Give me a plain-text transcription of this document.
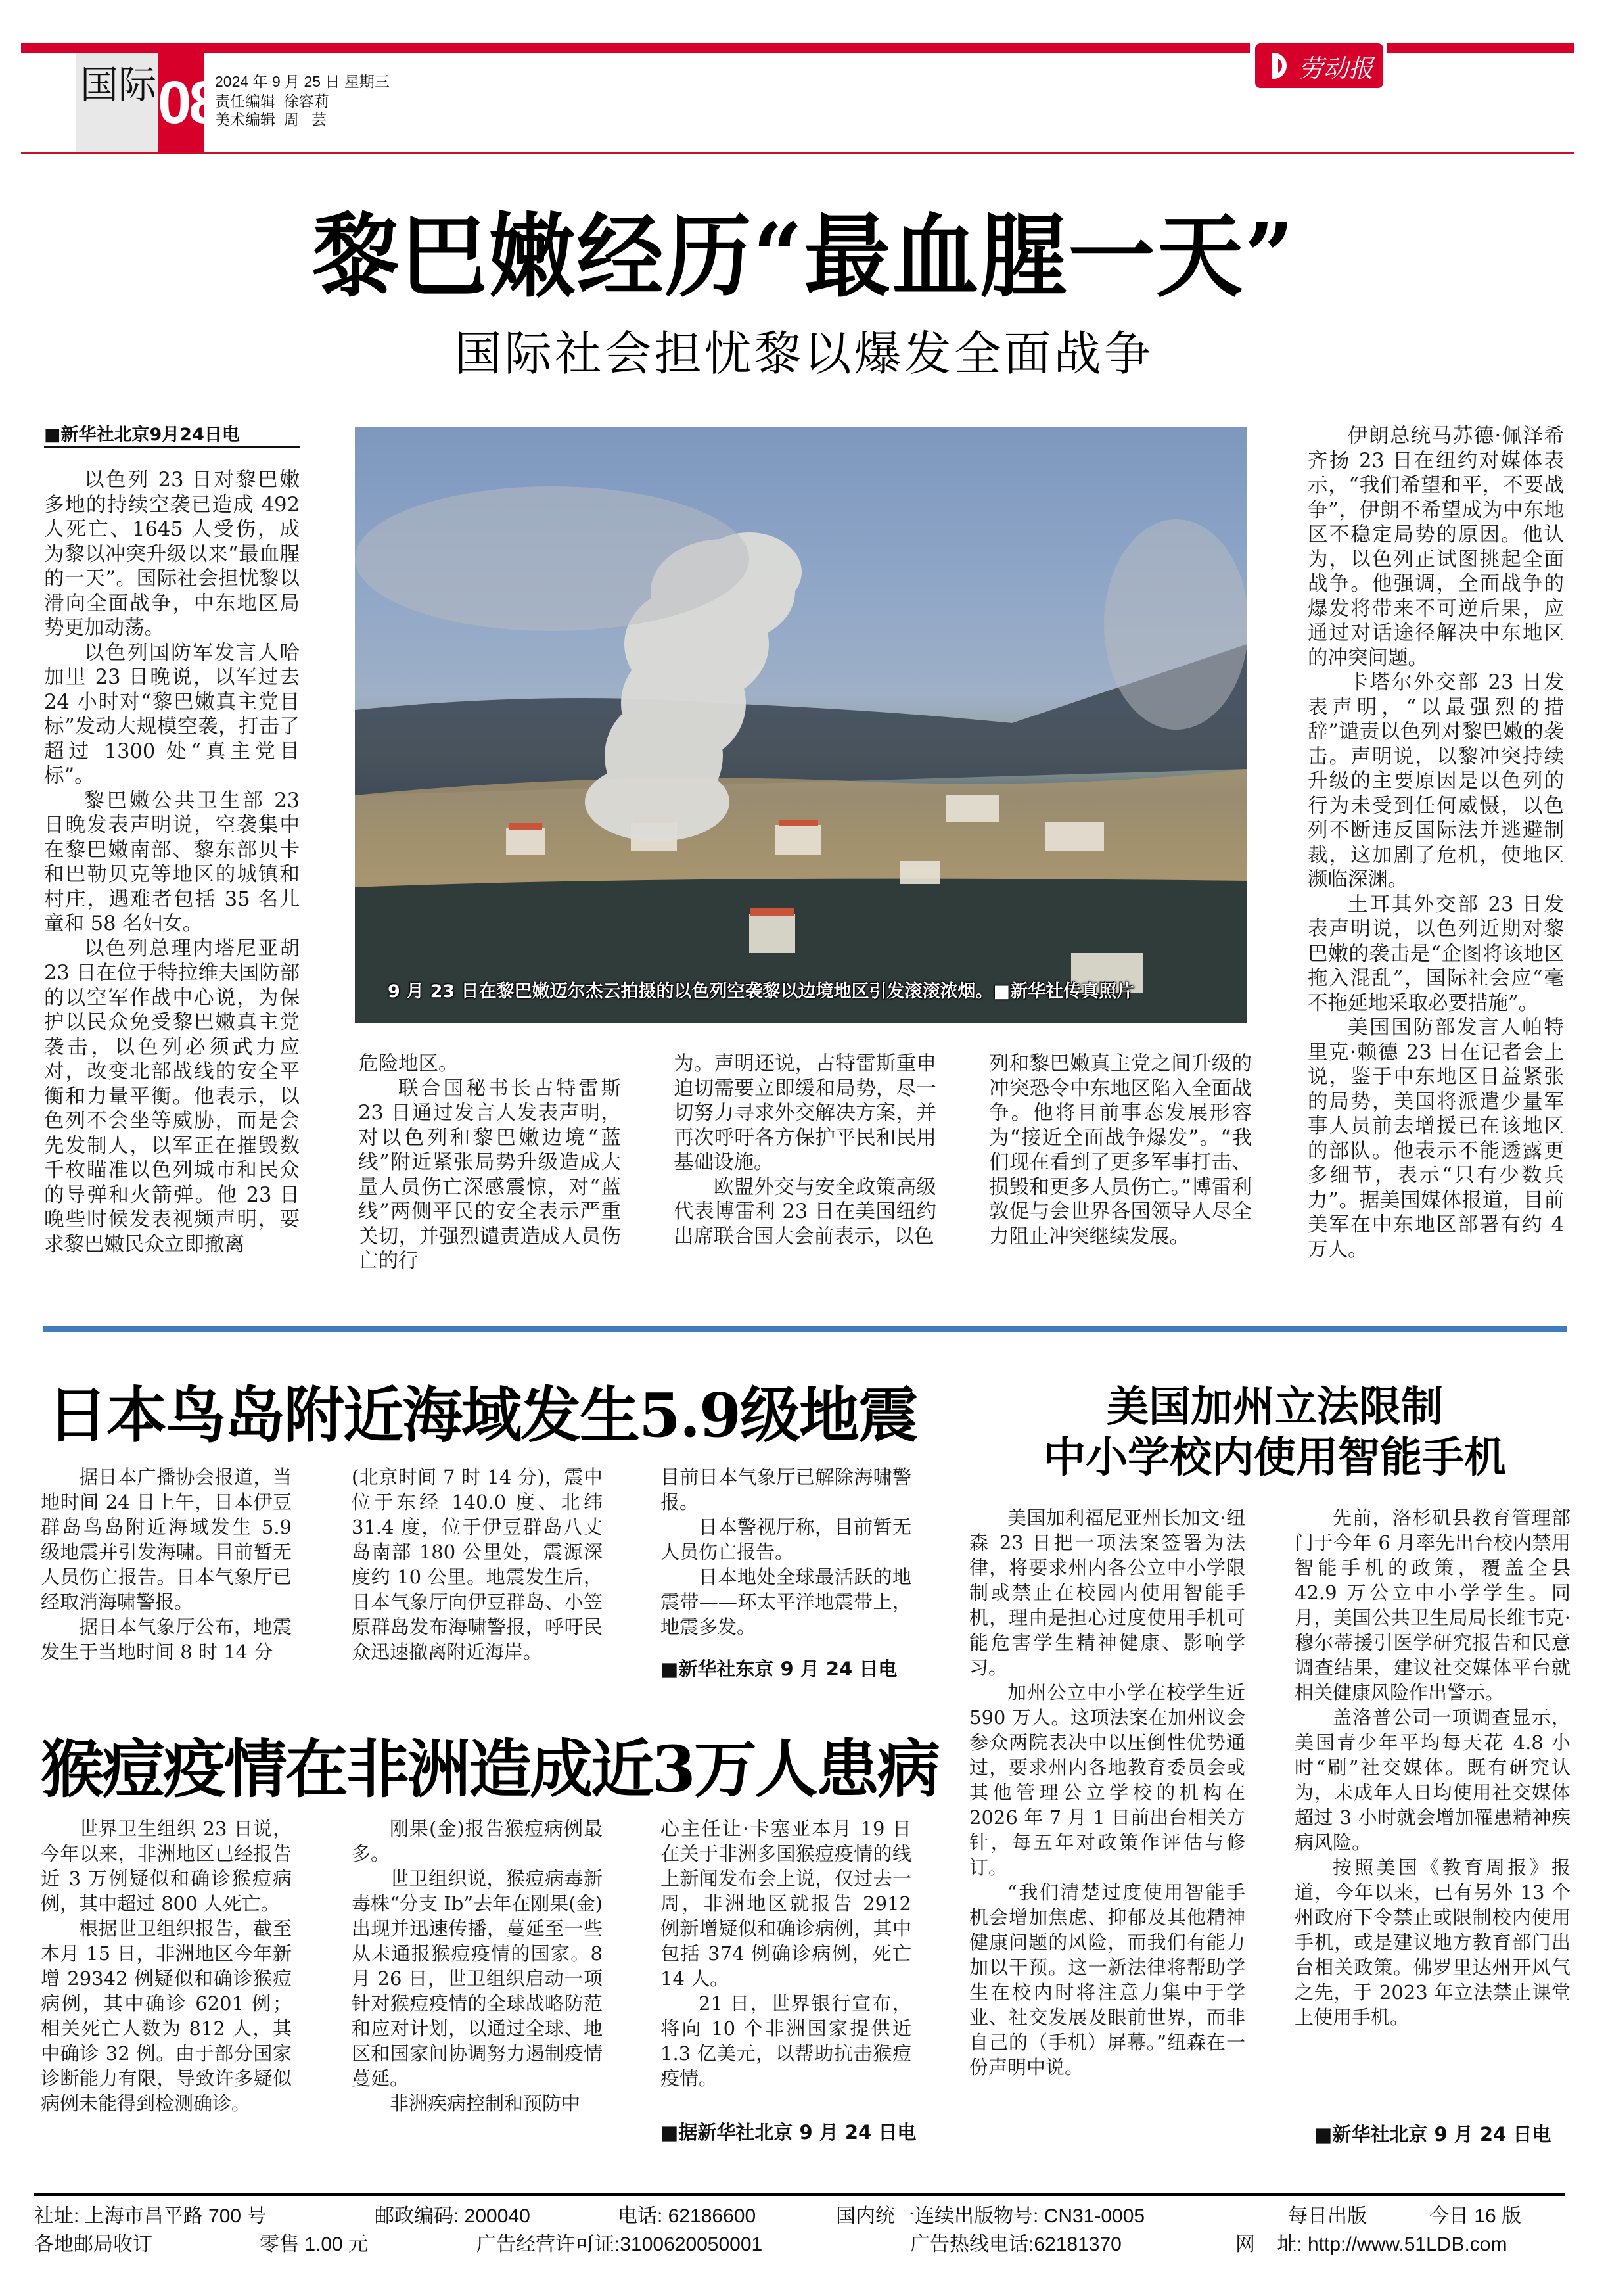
国际 08
2024 年 9 月 25 日 星期三
责任编辑  徐容莉
美术编辑  周   芸
劳动报
黎巴嫩经历“最血腥一天”
国际社会担忧黎以爆发全面战争
■新华社北京9月24日电

以色列 23 日对黎巴嫩多地的持续空袭已造成 492 人死亡、1645 人受伤，成为黎以冲突升级以来“最血腥的一天”。国际社会担忧黎以滑向全面战争，中东地区局势更加动荡。

以色列国防军发言人哈加里 23 日晚说，以军过去 24 小时对“黎巴嫩真主党目标”发动大规模空袭，打击了超过 1300 处“真主党目标”。

黎巴嫩公共卫生部 23 日晚发表声明说，空袭集中在黎巴嫩南部、黎东部贝卡和巴勒贝克等地区的城镇和村庄，遇难者包括 35 名儿童和 58 名妇女。

以色列总理内塔尼亚胡 23 日在位于特拉维夫国防部的以空军作战中心说，为保护以民众免受黎巴嫩真主党袭击，以色列必须武力应对，改变北部战线的安全平衡和力量平衡。他表示，以色列不会坐等威胁，而是会先发制人，以军正在摧毁数千枚瞄准以色列城市和民众的导弹和火箭弹。他 23 日晚些时候发表视频声明，要求黎巴嫩民众立即撤离

9 月 23 日在黎巴嫩迈尔杰云拍摄的以色列空袭黎以边境地区引发滚滚浓烟。■新华社传真照片

危险地区。

联合国秘书长古特雷斯 23 日通过发言人发表声明，对以色列和黎巴嫩边境“蓝线”附近紧张局势升级造成大量人员伤亡深感震惊，对“蓝线”两侧平民的安全表示严重关切，并强烈谴责造成人员伤亡的行

为。声明还说，古特雷斯重申迫切需要立即缓和局势，尽一切努力寻求外交解决方案，并再次呼吁各方保护平民和民用基础设施。

欧盟外交与安全政策高级代表博雷利 23 日在美国纽约出席联合国大会前表示，以色

列和黎巴嫩真主党之间升级的冲突恐令中东地区陷入全面战争。他将目前事态发展形容为“接近全面战争爆发”。“我们现在看到了更多军事打击、损毁和更多人员伤亡。”博雷利敦促与会世界各国领导人尽全力阻止冲突继续发展。

伊朗总统马苏德·佩泽希齐扬 23 日在纽约对媒体表示，“我们希望和平，不要战争”，伊朗不希望成为中东地区不稳定局势的原因。他认为，以色列正试图挑起全面战争。他强调，全面战争的爆发将带来不可逆后果，应通过对话途径解决中东地区的冲突问题。

卡塔尔外交部 23 日发表声明，“以最强烈的措辞”谴责以色列对黎巴嫩的袭击。声明说，以黎冲突持续升级的主要原因是以色列的行为未受到任何威慑，以色列不断违反国际法并逃避制裁，这加剧了危机，使地区濒临深渊。

土耳其外交部 23 日发表声明说，以色列近期对黎巴嫩的袭击是“企图将该地区拖入混乱”，国际社会应“毫不拖延地采取必要措施”。

美国国防部发言人帕特里克·赖德 23 日在记者会上说，鉴于中东地区日益紧张的局势，美国将派遣少量军事人员前去增援已在该地区的部队。他表示不能透露更多细节，表示“只有少数兵力”。据美国媒体报道，目前美军在中东地区部署有约 4 万人。

日本鸟岛附近海域发生5.9级地震

据日本广播协会报道，当地时间 24 日上午，日本伊豆群岛鸟岛附近海域发生 5.9 级地震并引发海啸。目前暂无人员伤亡报告。日本气象厅已经取消海啸警报。

据日本气象厅公布，地震发生于当地时间 8 时 14 分

(北京时间 7 时 14 分)，震中位于东经 140.0 度、北纬 31.4 度，位于伊豆群岛八丈岛南部 180 公里处，震源深度约 10 公里。地震发生后，日本气象厅向伊豆群岛、小笠原群岛发布海啸警报，呼吁民众迅速撤离附近海岸。

目前日本气象厅已解除海啸警报。

日本警视厅称，目前暂无人员伤亡报告。

日本地处全球最活跃的地震带——环太平洋地震带上，地震多发。

■新华社东京 9 月 24 日电
猴痘疫情在非洲造成近3万人患病

世界卫生组织 23 日说，今年以来，非洲地区已经报告近 3 万例疑似和确诊猴痘病例，其中超过 800 人死亡。

根据世卫组织报告，截至本月 15 日，非洲地区今年新增 29342 例疑似和确诊猴痘病例，其中确诊 6201 例；相关死亡人数为 812 人，其中确诊 32 例。由于部分国家诊断能力有限，导致许多疑似病例未能得到检测确诊。

刚果(金)报告猴痘病例最多。

世卫组织说，猴痘病毒新毒株“分支 Ib”去年在刚果(金)出现并迅速传播，蔓延至一些从未通报猴痘疫情的国家。8 月 26 日，世卫组织启动一项针对猴痘疫情的全球战略防范和应对计划，以通过全球、地区和国家间协调努力遏制疫情蔓延。

非洲疾病控制和预防中

心主任让·卡塞亚本月 19 日在关于非洲多国猴痘疫情的线上新闻发布会上说，仅过去一周，非洲地区就报告 2912 例新增疑似和确诊病例，其中包括 374 例确诊病例，死亡 14 人。

21 日，世界银行宣布，将向 10 个非洲国家提供近 1.3 亿美元，以帮助抗击猴痘疫情。

■据新华社北京 9 月 24 日电
美国加州立法限制
中小学校内使用智能手机

美国加利福尼亚州长加文·纽森 23 日把一项法案签署为法律，将要求州内各公立中小学限制或禁止在校园内使用智能手机，理由是担心过度使用手机可能危害学生精神健康、影响学习。

加州公立中小学在校学生近 590 万人。这项法案在加州议会参众两院表决中以压倒性优势通过，要求州内各地教育委员会或其他管理公立学校的机构在 2026 年 7 月 1 日前出台相关方针，每五年对政策作评估与修订。

“我们清楚过度使用智能手机会增加焦虑、抑郁及其他精神健康问题的风险，而我们有能力加以干预。这一新法律将帮助学生在校内时将注意力集中于学业、社交发展及眼前世界，而非自己的（手机）屏幕。”纽森在一份声明中说。

先前，洛杉矶县教育管理部门于今年 6 月率先出台校内禁用智能手机的政策，覆盖全县 42.9 万公立中小学学生。同月，美国公共卫生局局长维韦克·穆尔蒂援引医学研究报告和民意调查结果，建议社交媒体平台就相关健康风险作出警示。

盖洛普公司一项调查显示，美国青少年平均每天花 4.8 小时“刷”社交媒体。既有研究认为，未成年人日均使用社交媒体超过 3 小时就会增加罹患精神疾病风险。

按照美国《教育周报》报道，今年以来，已有另外 13 个州政府下令禁止或限制校内使用手机，或是建议地方教育部门出台相关政策。佛罗里达州开风气之先，于 2023 年立法禁止课堂上使用手机。

■新华社北京 9 月 24 日电
社址: 上海市昌平路 700 号	邮政编码: 200040	电话: 62186600	国内统一连续出版物号: CN31-0005	每日出版	今日 16 版
各地邮局收订	零售 1.00 元	广告经营许可证:3100620050001	广告热线电话:62181370	网    址: http://www.51LDB.com
